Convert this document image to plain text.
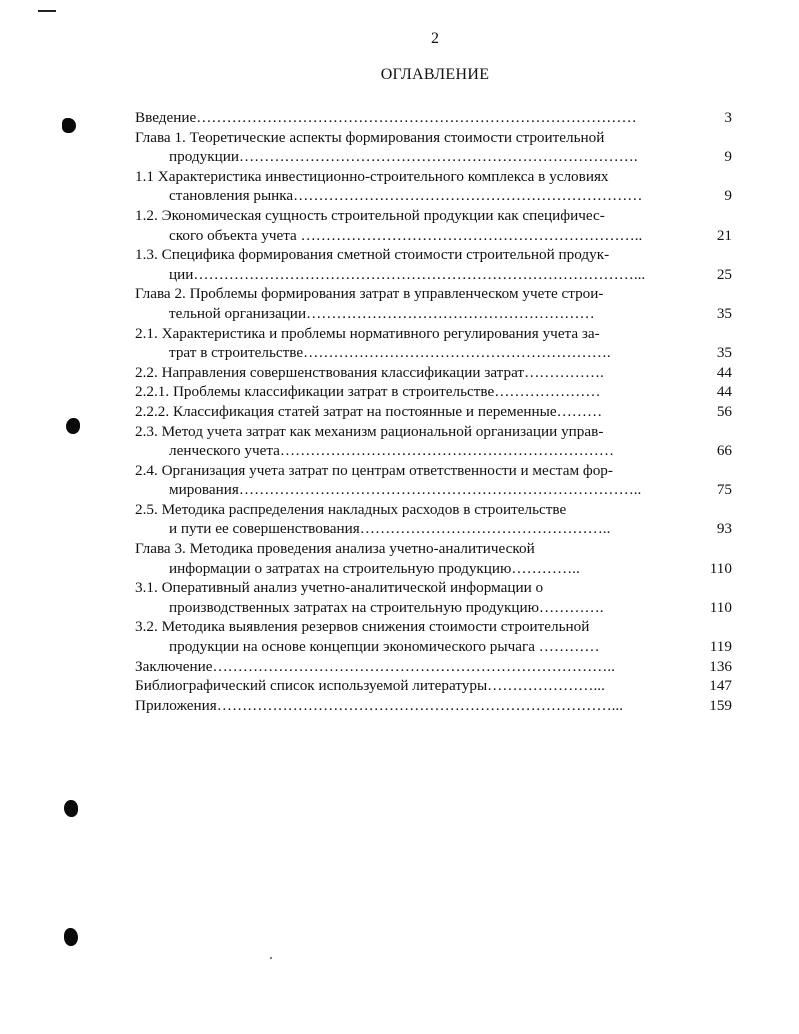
2
ОГЛАВЛЕНИЕ
Введение……………………………………………………………………………	3
Глава 1. Теоретические аспекты формирования стоимости строительной
продукции…………………………………………………………………….	9
1.1 Характеристика инвестиционно-строительного комплекса в условиях
становления рынка……………………………………………………………	9
1.2. Экономическая сущность строительной продукции как специфичес-
ского объекта учета …………………………………………………………..	21
1.3. Специфика формирования сметной стоимости строительной продук-
ции……………………………………………………………………………...	25
Глава 2. Проблемы формирования затрат в управленческом учете строи-
тельной организации…………………………………………………	35
2.1. Характеристика и проблемы нормативного регулирования учета за-
трат в строительстве…………………………………………………….	35
2.2. Направления совершенствования классификации затрат…………….	44
2.2.1. Проблемы классификации затрат в строительстве…………………	44
2.2.2. Классификация статей затрат на постоянные и переменные………	56
2.3. Метод учета затрат как механизм рациональной организации управ-
ленческого учета…………………………………………………………	66
2.4. Организация учета затрат по центрам ответственности и местам фор-
мирования……………………………………………………………………..	75
2.5. Методика распределения накладных расходов в строительстве
и пути ее совершенствования…………………………………………..	93
Глава 3. Методика проведения анализа учетно-аналитической
информации о затратах на строительную продукцию…………..	110
3.1. Оперативный анализ учетно-аналитической информации о
производственных затратах на строительную продукцию………….	110
3.2. Методика выявления резервов снижения стоимости строительной
продукции на основе концепции экономического рычага …………	119
Заключение……………………………………………………………………..	136
Библиографический список используемой литературы…………………...	147
Приложения……………………………………………………………………...	159
